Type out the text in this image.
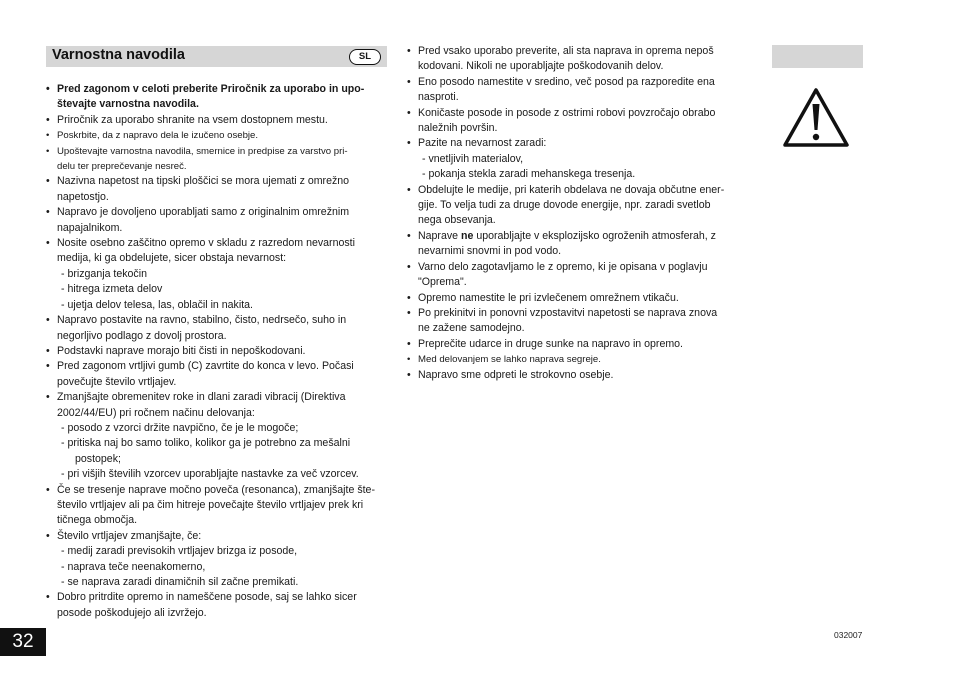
Varnostna navodila	SL
• Pred zagonom v celoti preberite Priročnik za uporabo in upo-
števajte varnostna navodila.
• Priročnik za uporabo shranite na vsem dostopnem mestu.
• Poskrbite, da z napravo dela le izučeno osebje.
• Upoštevajte varnostna navodila, smernice in predpise za varstvo pri-
delu ter preprečevanje nesreč.
• Nazivna napetost na tipski ploščici se mora ujemati z omrežno
napetostjo.
• Napravo je dovoljeno uporabljati samo z originalnim omrežnim
napajalnikom.
• Nosite osebno zaščitno opremo v skladu z razredom nevarnosti
medija, ki ga obdelujete, sicer obstaja nevarnost:
- brizganja tekočin
- hitrega izmeta delov
- ujetja delov telesa, las, oblačil in nakita.
• Napravo postavite na ravno, stabilno, čisto, nedrsečo, suho in
negorljivo podlago z dovolj prostora.
• Podstavki naprave morajo biti čisti in nepoškodovani.
• Pred zagonom vrtljivi gumb (C) zavrtite do konca v levo. Počasi
povečujte število vrtljajev.
• Zmanjšajte obremenitev roke in dlani zaradi vibracij (Direktiva
2002/44/EU) pri ročnem načinu delovanja:
- posodo z vzorci držite navpično, če je le mogoče;
- pritiska naj bo samo toliko, kolikor ga je potrebno za mešalni
postopek;
- pri višjih številih vzorcev uporabljajte nastavke za več vzorcev.
• Če se tresenje naprave močno poveča (resonanca), zmanjšajte šte-
število vrtljajev ali pa čim hitreje povečajte število vrtljajev prek kri
tičnega območja.
• Število vrtljajev zmanjšajte, če:
- medij zaradi previsokih vrtljajev brizga iz posode,
- naprava teče neenakomerno,
- se naprava zaradi dinamičnih sil začne premikati.
• Dobro pritrdite opremo in nameščene posode, saj se lahko sicer
posode poškodujejo ali izvržejo.
• Pred vsako uporabo preverite, ali sta naprava in oprema nepoš
kodovani. Nikoli ne uporabljajte poškodovanih delov.
• Eno posodo namestite v sredino, več posod pa razporedite ena
nasproti.
• Koničaste posode in posode z ostrimi robovi povzročajo obrabo
naležnih površin.
• Pazite na nevarnost zaradi:
- vnetljivih materialov,
- pokanja stekla zaradi mehanskega tresenja.
• Obdelujte le medije, pri katerih obdelava ne dovaja občutne ener-
gije. To velja tudi za druge dovode energije, npr. zaradi svetlob
nega obsevanja.
• Naprave ne uporabljajte v eksplozijsko ogroženih atmosferah, z
nevarnimi snovmi in pod vodo.
• Varno delo zagotavljamo le z opremo, ki je opisana v poglavju
"Oprema".
• Opremo namestite le pri izvlečenem omrežnem vtikaču.
• Po prekinitvi in ponovni vzpostavitvi napetosti se naprava znova
ne zažene samodejno.
• Preprečite udarce in druge sunke na napravo in opremo.
• Med delovanjem se lahko naprava segreje.
• Napravo sme odpreti le strokovno osebje.
32	032007
